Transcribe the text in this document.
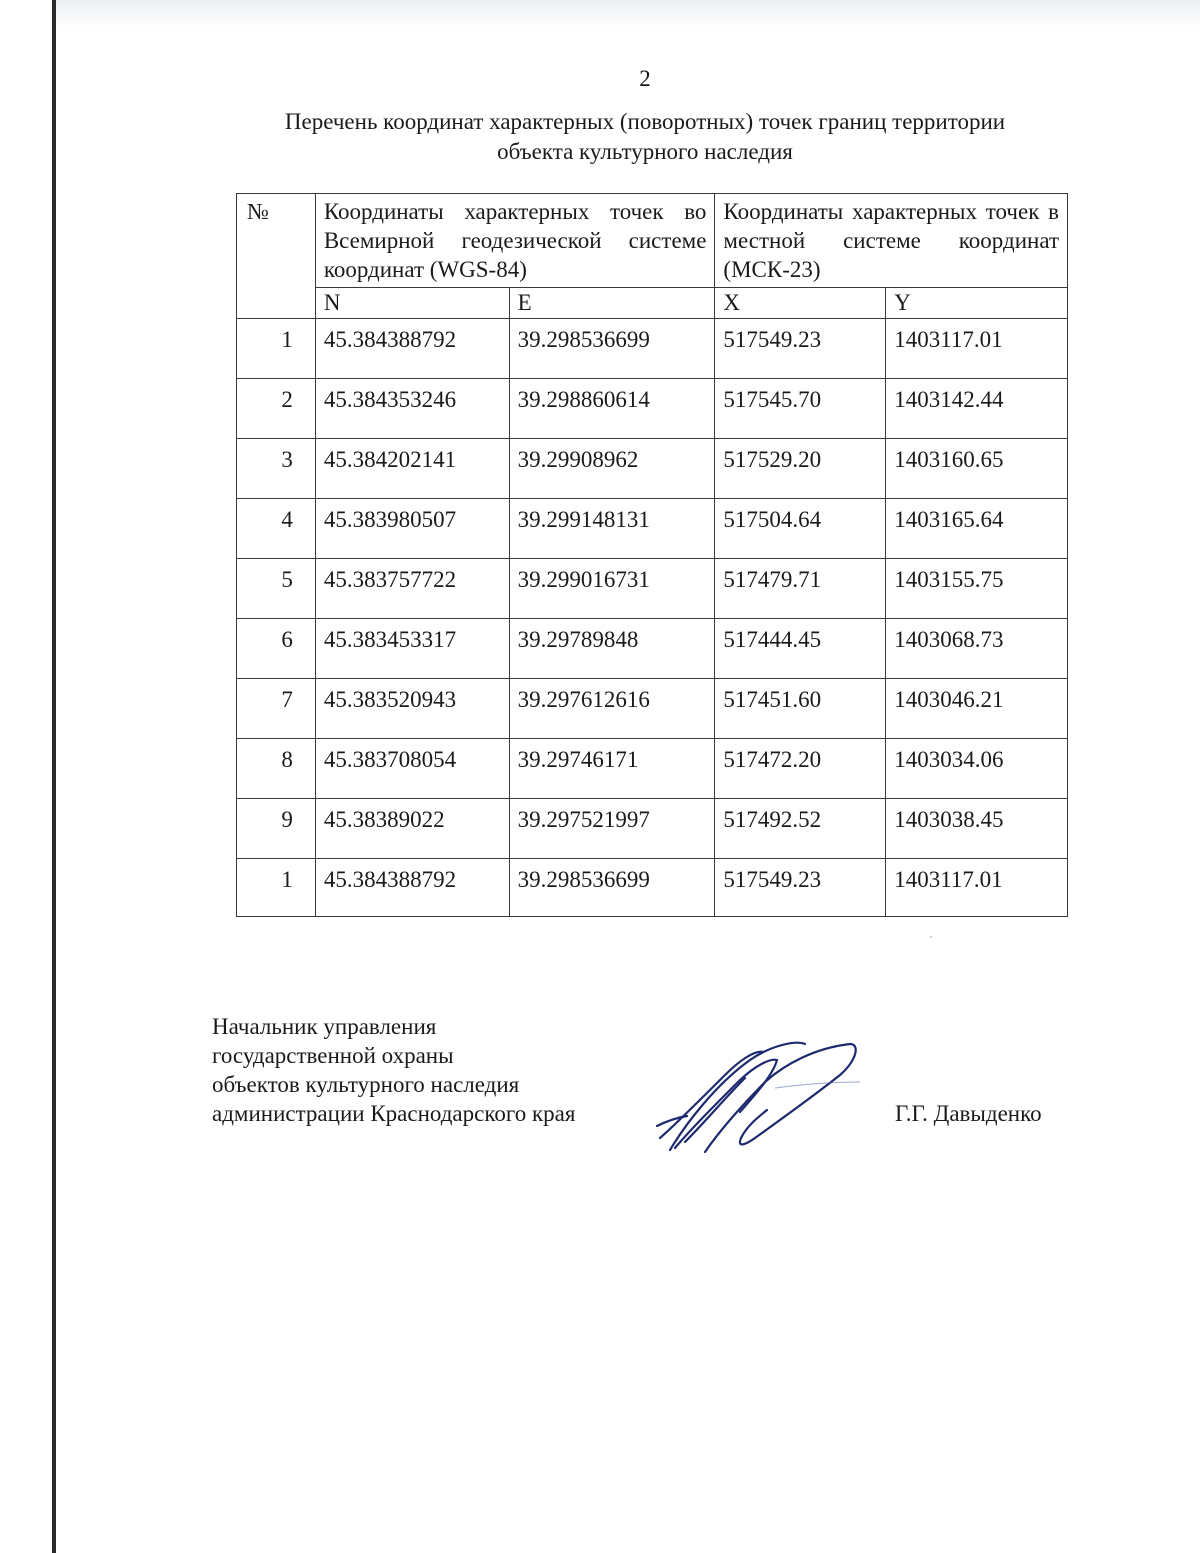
2
Перечень координат характерных (поворотных) точек границ территории
объекта культурного наследия
№	Координаты характерных точек во Всемирной геодезической системе координат (WGS-84)		Координаты характерных точек в местной системе координат (МСК-23)	
	N	E	X	Y
1	45.384388792	39.298536699	517549.23	1403117.01
2	45.384353246	39.298860614	517545.70	1403142.44
3	45.384202141	39.29908962	517529.20	1403160.65
4	45.383980507	39.299148131	517504.64	1403165.64
5	45.383757722	39.299016731	517479.71	1403155.75
6	45.383453317	39.29789848	517444.45	1403068.73
7	45.383520943	39.297612616	517451.60	1403046.21
8	45.383708054	39.29746171	517472.20	1403034.06
9	45.38389022	39.297521997	517492.52	1403038.45
1	45.384388792	39.298536699	517549.23	1403117.01
Начальник управления
государственной охраны
объектов культурного наследия
администрации Краснодарского края	Г.Г. Давыденко
